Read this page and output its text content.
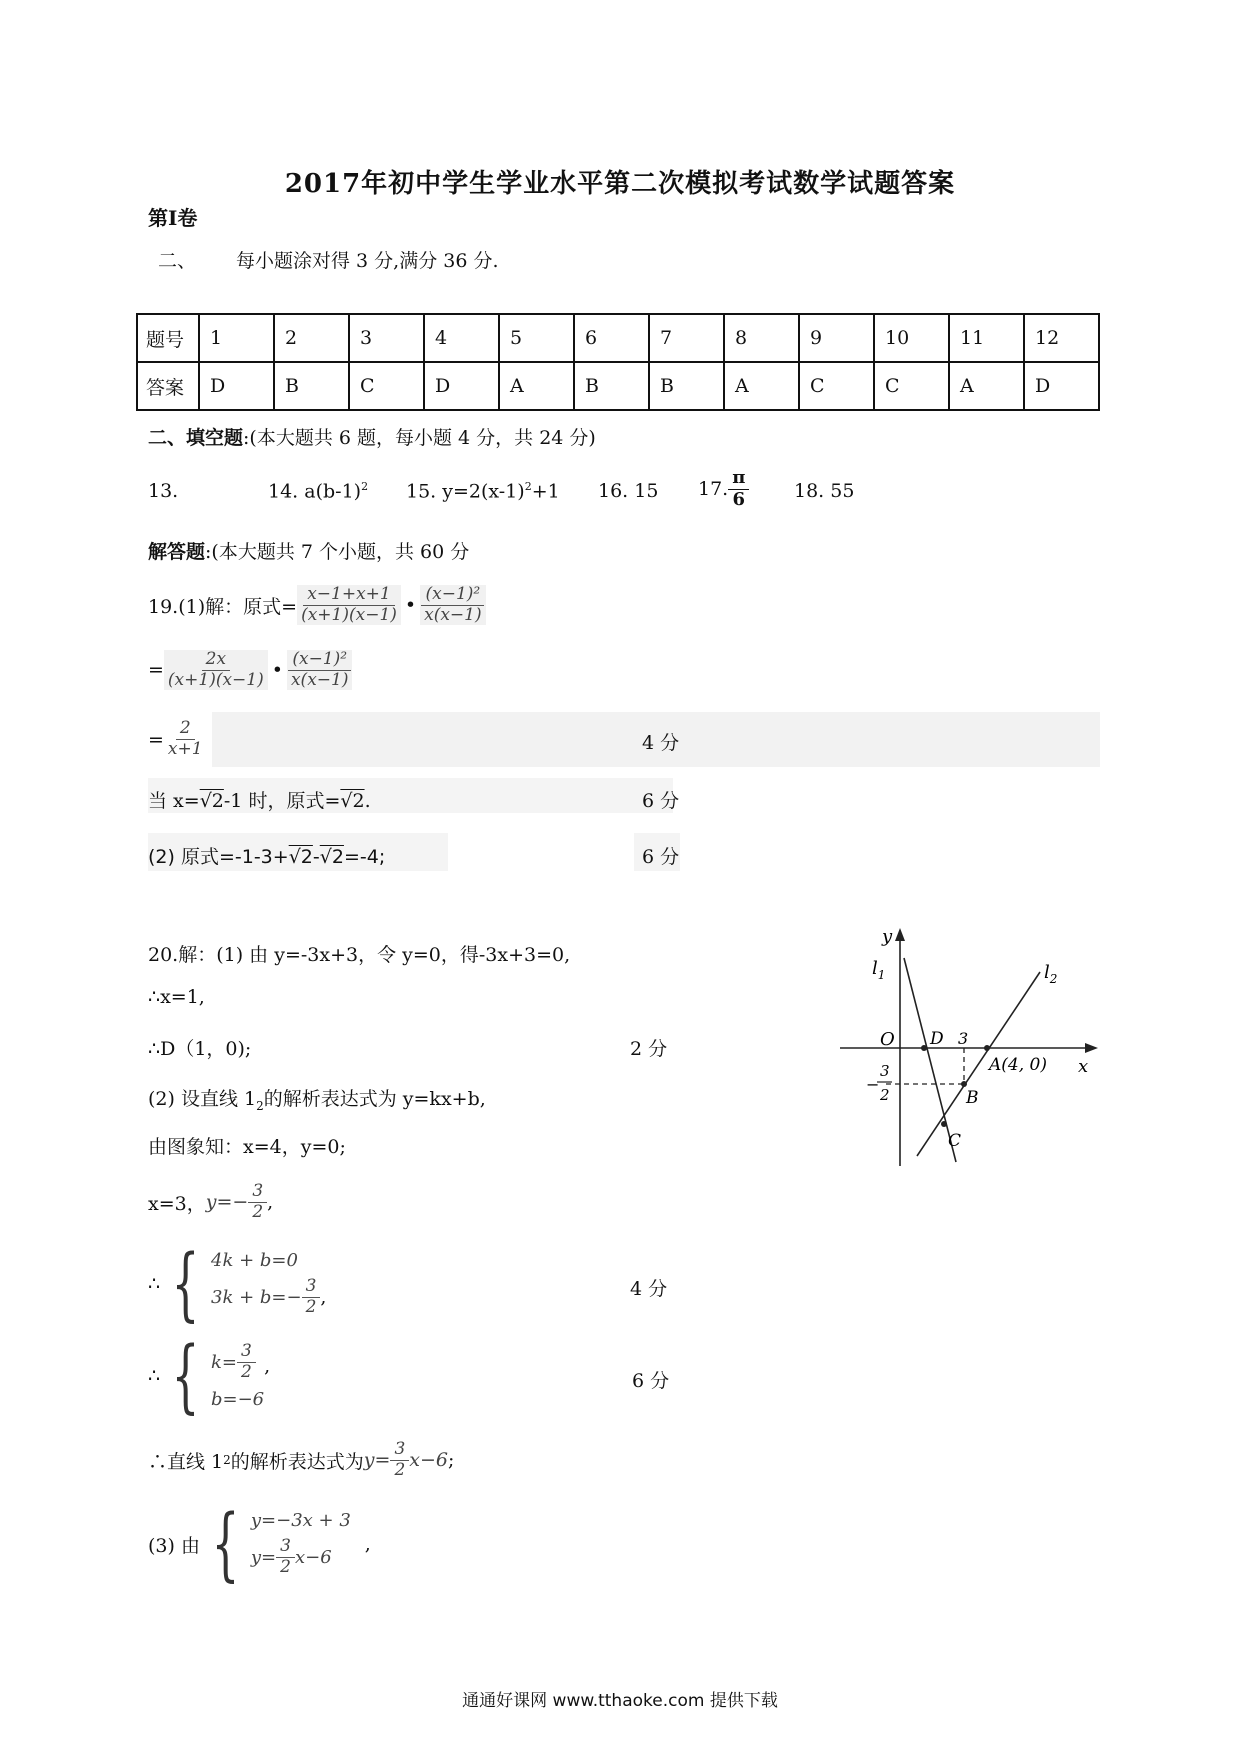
2017年初中学生学业水平第二次模拟考试数学试题答案
第Ⅰ卷
二、 每小题涂对得 3 分,满分 36 分.
题号	1	2	3	4	5	6	7	8	9	10	11	12
答案	D	B	C	D	A	B	B	A	C	C	A	D
二、填空题:(本大题共 6 题，每小题 4 分，共 24 分)
13.	14. $a(b-1)^2$ 15. $y=2(x-1)^2+1$ 16. 15 17. $\frac{\pi}{6} 18$. 55
解答题:(本大题共 7 个小题，共 60 分
19.(1)解：原式= $\frac{x-1+x+1}{(x+1)(x-1)}$ • $\frac{\text{(x−1)²}}{x(x-1)}$
= $\frac{2x}{(x+1)(x-1)}$ • $\frac{\text{(x−1)²}}{x(x-1)}$
= $\frac{2}{x+1}$	4 分
当 x=√2-1 时，原式=√2.	6 分
(2) 原式=-1-3+√2-√2=-4;	6 分
20.解：(1) 由 y=-3x+3，令 y=0，得-3x+3=0,
∴x=1,
∴D（1，0);	2 分
(2) 设直线 $1_2$的解析表达式为 y=kx+b,
由图象知：x=4，y=0;
x=3， $y=- \frac{3}{2}$ ,
∴ { 4k + b=0
$3k + b=- \frac{3}{2}$ ,	4 分
∴ { $k= \frac{3}{2}$
b=−6
,
6 分
∴直线 1 2 的解析表达式为 $y= \frac{3}{2} x-6$ ;
(3) 由 { y=−3x + 3
$y= \frac{3}{2} x-6$
,
y
x
O
$l_1$	$l_2$
D 3
A(4, 0)
B
C
−
3
2
通通好课网 www.tthaoke.com 提供下载
